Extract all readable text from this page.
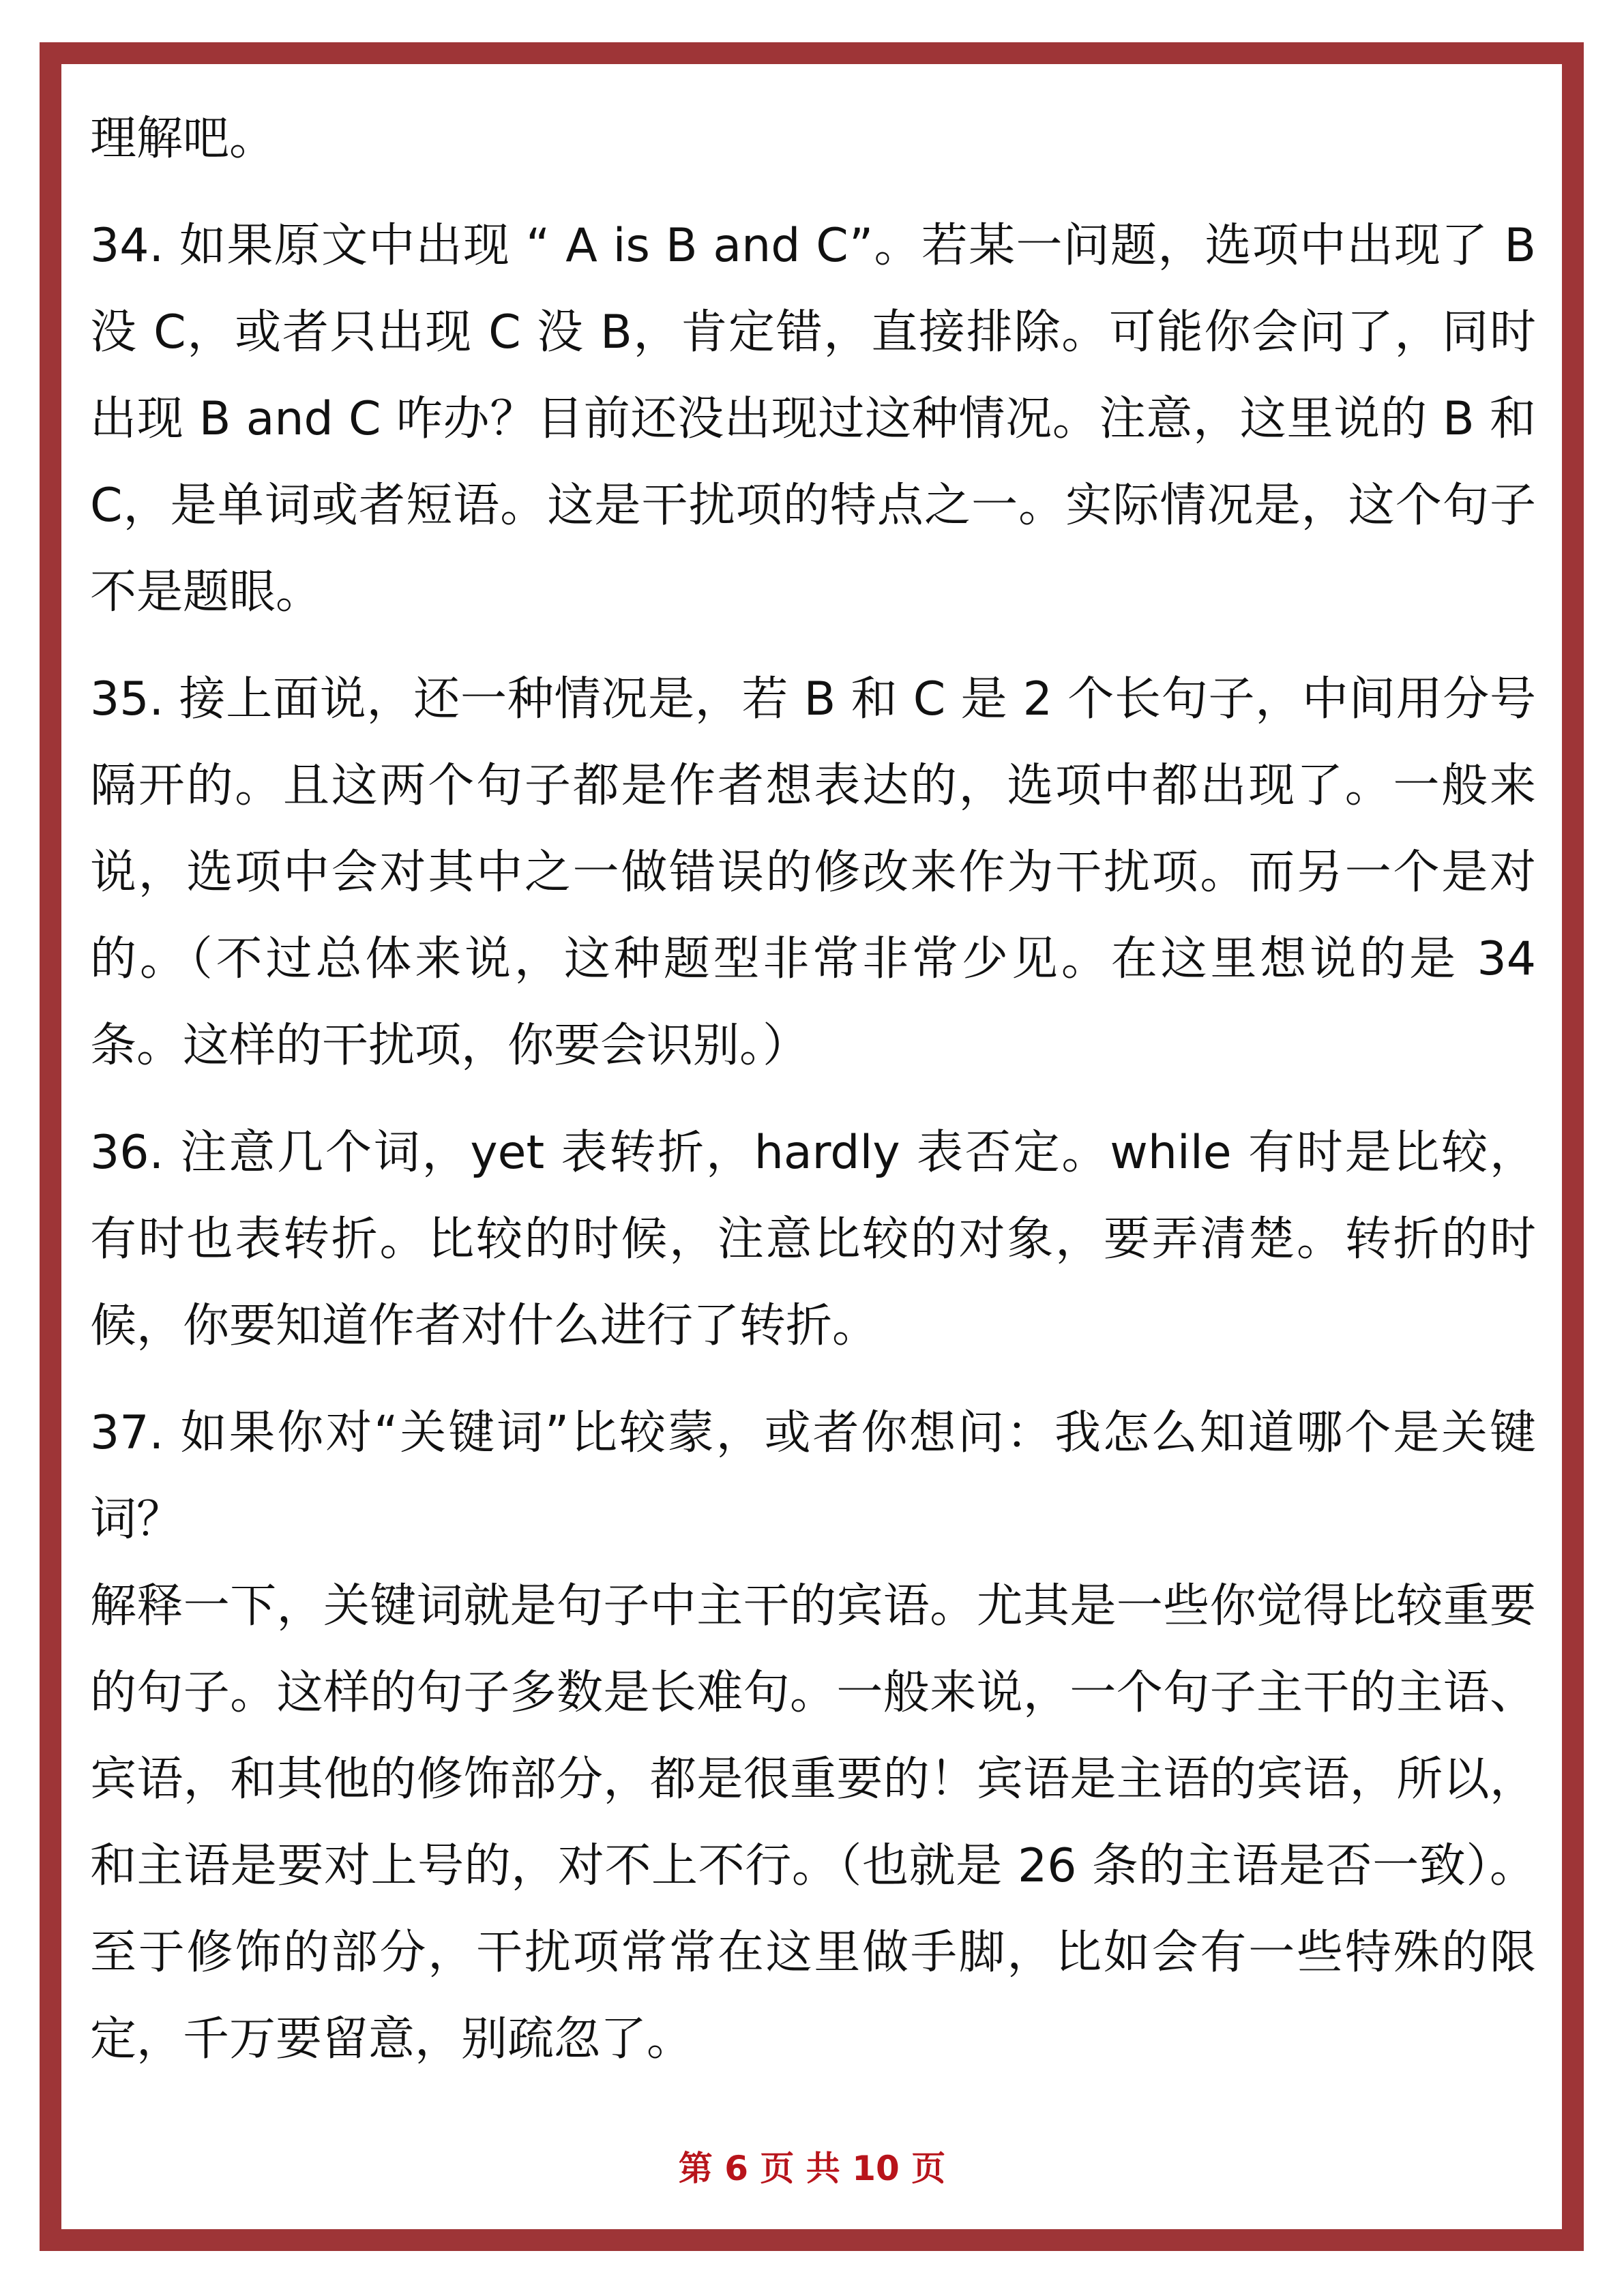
理解吧。

34. 如果原文中出现 “ A is B and C”。若某一问题，选项中出现了 B 没 C，或者只出现 C 没 B，肯定错，直接排除。可能你会问了，同时出现 B and C 咋办？目前还没出现过这种情况。注意，这里说的 B 和 C，是单词或者短语。这是干扰项的特点之一。实际情况是，这个句子不是题眼。

35. 接上面说，还一种情况是，若 B 和 C 是 2 个长句子，中间用分号隔开的。且这两个句子都是作者想表达的，选项中都出现了。一般来说，选项中会对其中之一做错误的修改来作为干扰项。而另一个是对的。（不过总体来说，这种题型非常非常少见。在这里想说的是 34 条。这样的干扰项，你要会识别。）

36. 注意几个词，yet 表转折，hardly 表否定。while 有时是比较，有时也表转折。比较的时候，注意比较的对象，要弄清楚。转折的时候，你要知道作者对什么进行了转折。

37. 如果你对“关键词”比较蒙，或者你想问：我怎么知道哪个是关键词？

解释一下，关键词就是句子中主干的宾语。尤其是一些你觉得比较重要的句子。这样的句子多数是长难句。一般来说，一个句子主干的主语、宾语，和其他的修饰部分，都是很重要的！宾语是主语的宾语，所以，和主语是要对上号的，对不上不行。（也就是 26 条的主语是否一致）。至于修饰的部分，干扰项常常在这里做手脚，比如会有一些特殊的限定，千万要留意，别疏忽了。

第 6 页 共 10 页
